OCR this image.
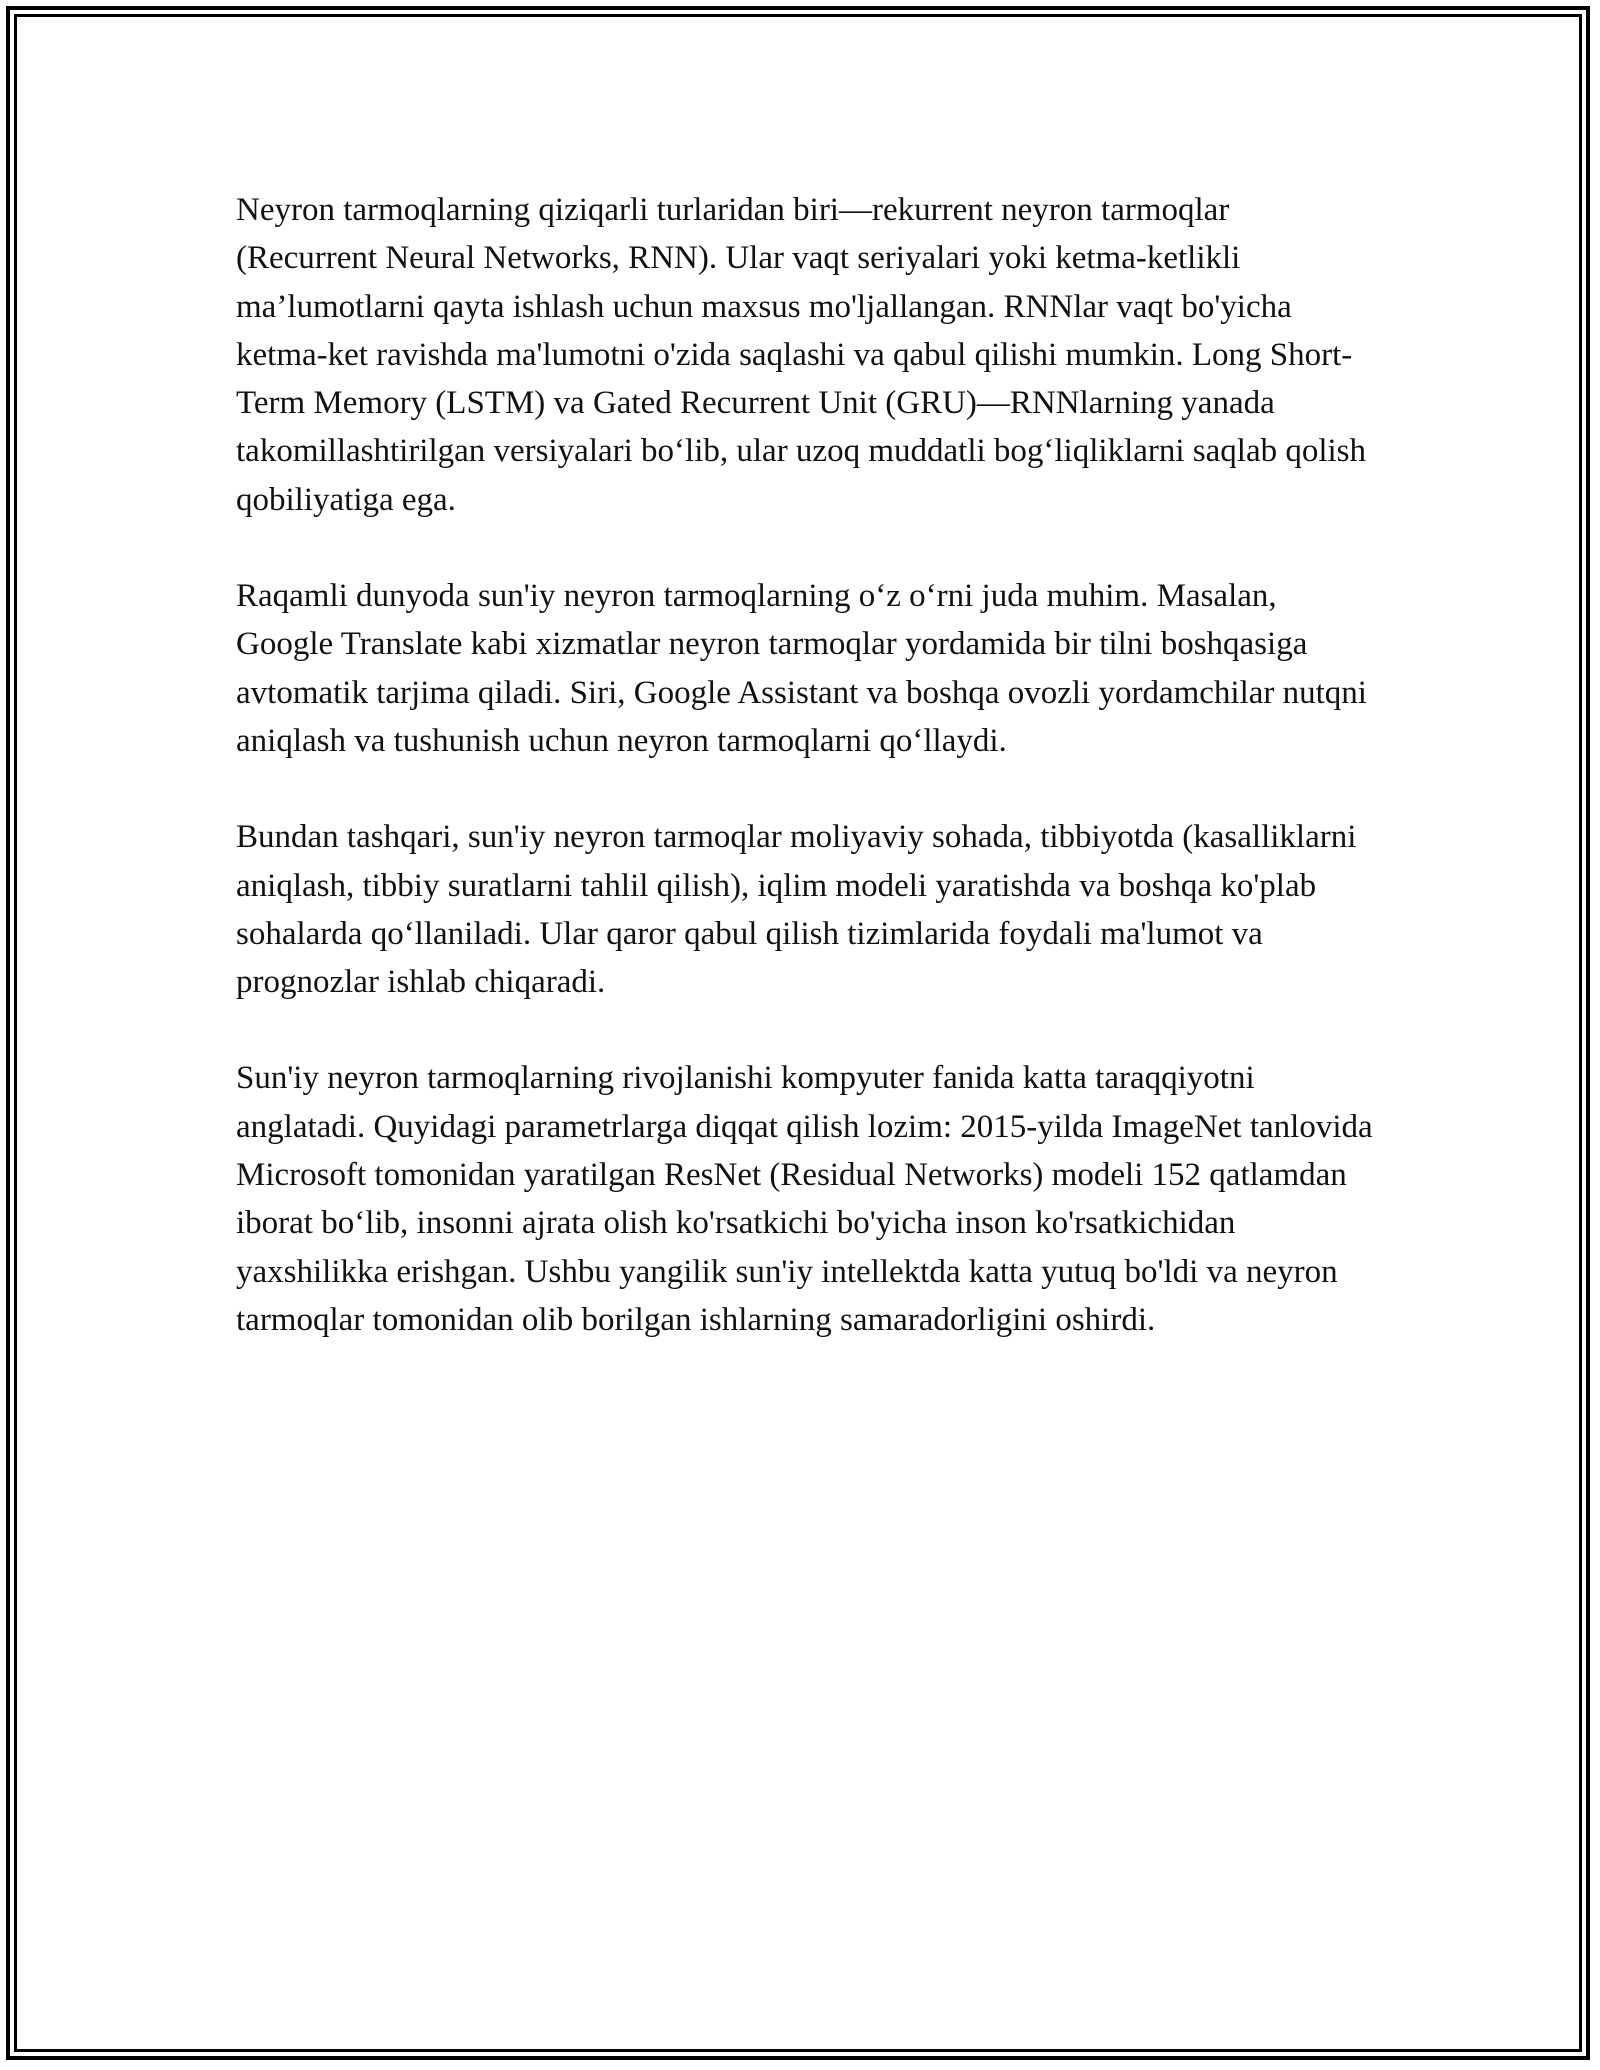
Neyron tarmoqlarning qiziqarli turlaridan biri—rekurrent neyron tarmoqlar (Recurrent Neural Networks, RNN). Ular vaqt seriyalari yoki ketma-ketlikli ma’lumotlarni qayta ishlash uchun maxsus mo'ljallangan. RNNlar vaqt bo'yicha ketma-ket ravishda ma'lumotni o'zida saqlashi va qabul qilishi mumkin. Long Short-Term Memory (LSTM) va Gated Recurrent Unit (GRU)—RNNlarning yanada takomillashtirilgan versiyalari bo‘lib, ular uzoq muddatli bog‘liqliklarni saqlab qolish qobiliyatiga ega.

Raqamli dunyoda sun'iy neyron tarmoqlarning o‘z o‘rni juda muhim. Masalan, Google Translate kabi xizmatlar neyron tarmoqlar yordamida bir tilni boshqasiga avtomatik tarjima qiladi. Siri, Google Assistant va boshqa ovozli yordamchilar nutqni aniqlash va tushunish uchun neyron tarmoqlarni qo‘llaydi.

Bundan tashqari, sun'iy neyron tarmoqlar moliyaviy sohada, tibbiyotda (kasalliklarni aniqlash, tibbiy suratlarni tahlil qilish), iqlim modeli yaratishda va boshqa ko'plab sohalarda qo‘llaniladi. Ular qaror qabul qilish tizimlarida foydali ma'lumot va prognozlar ishlab chiqaradi.

Sun'iy neyron tarmoqlarning rivojlanishi kompyuter fanida katta taraqqiyotni anglatadi. Quyidagi parametrlarga diqqat qilish lozim: 2015-yilda ImageNet tanlovida Microsoft tomonidan yaratilgan ResNet (Residual Networks) modeli 152 qatlamdan iborat bo‘lib, insonni ajrata olish ko'rsatkichi bo'yicha inson ko'rsatkichidan yaxshilikka erishgan. Ushbu yangilik sun'iy intellektda katta yutuq bo'ldi va neyron tarmoqlar tomonidan olib borilgan ishlarning samaradorligini oshirdi.
